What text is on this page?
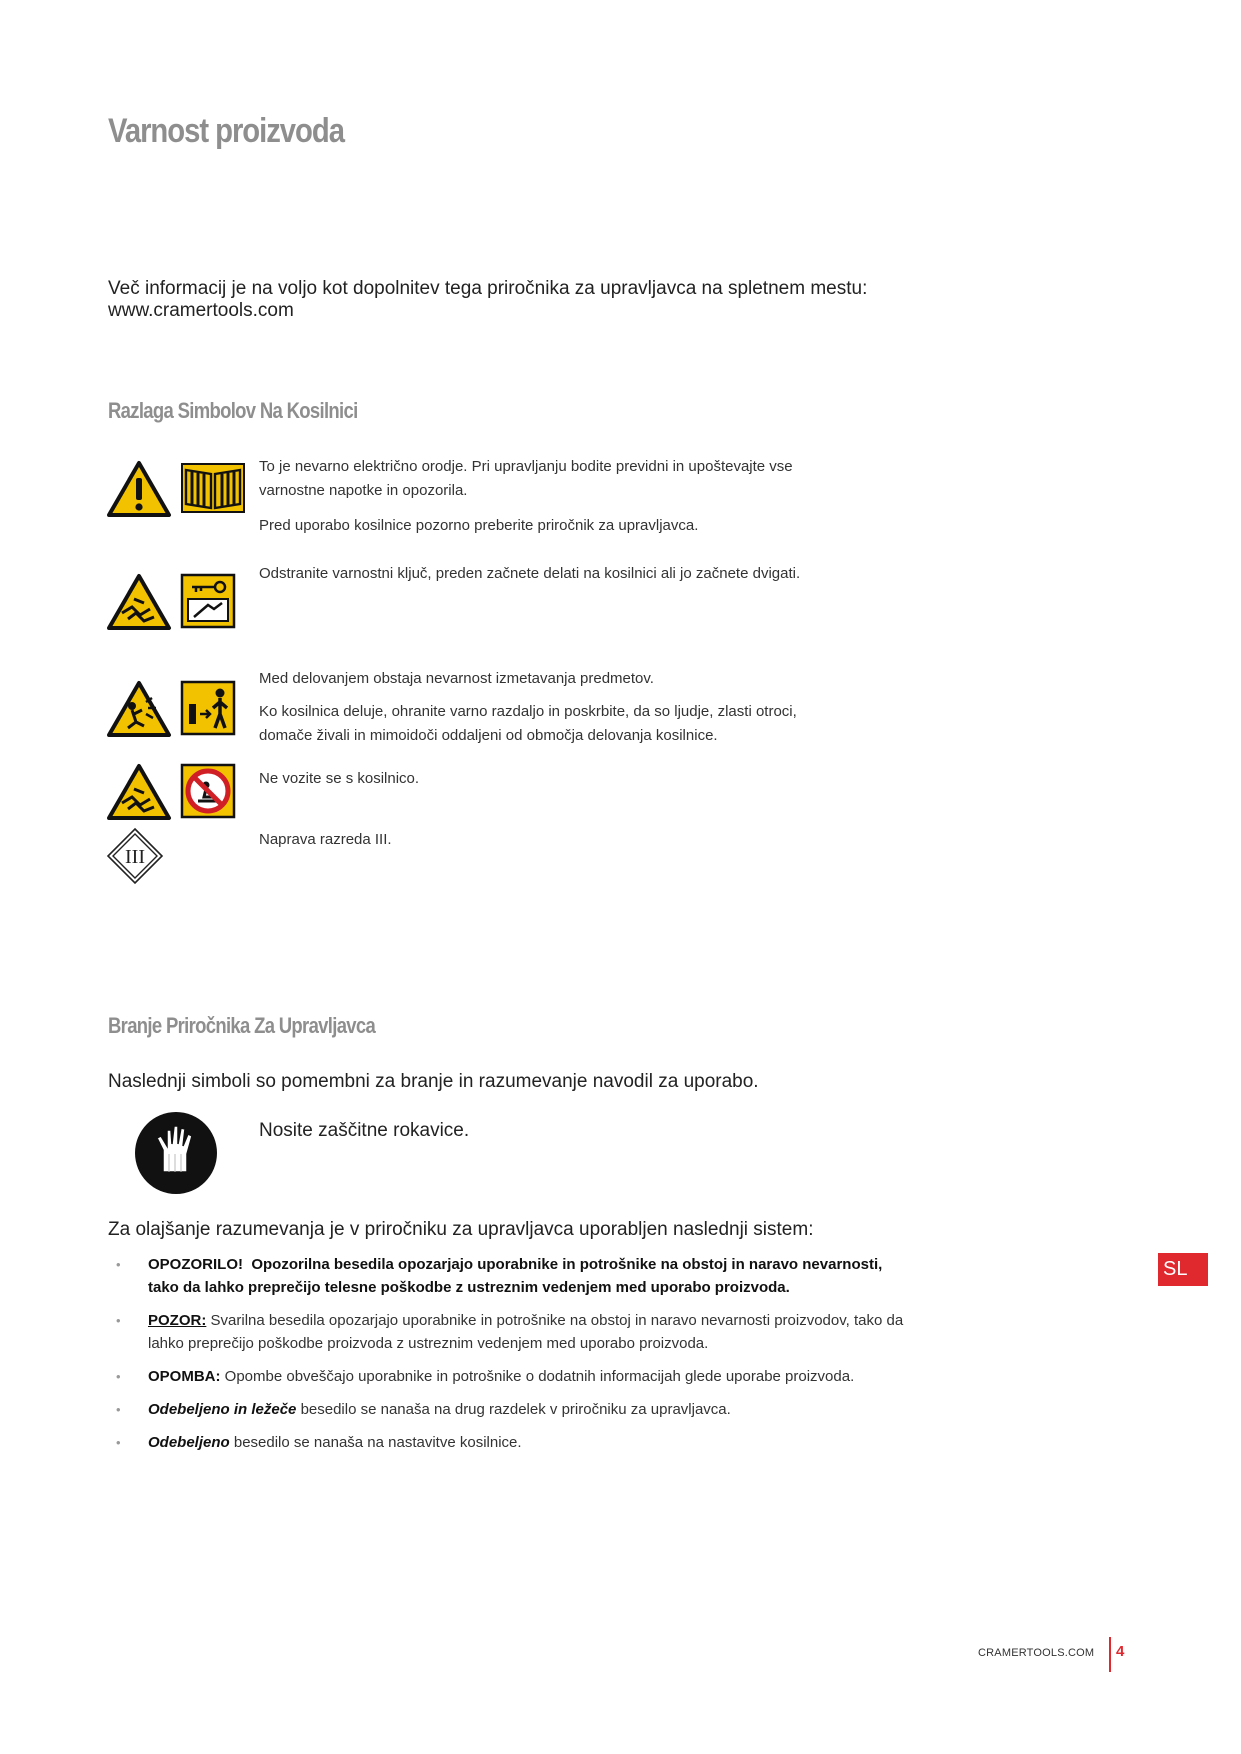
Varnost proizvoda

Več informacij je na voljo kot dopolnitev tega priročnika za upravljavca na spletnem mestu:
www.cramertools.com

Razlaga Simbolov Na Kosilnici

To je nevarno električno orodje. Pri upravljanju bodite previdni in upoštevajte vse varnostne napotke in opozorila.

Pred uporabo kosilnice pozorno preberite priročnik za upravljavca.

Odstranite varnostni ključ, preden začnete delati na kosilnici ali jo začnete dvigati.

Med delovanjem obstaja nevarnost izmetavanja predmetov.

Ko kosilnica deluje, ohranite varno razdaljo in poskrbite, da so ljudje, zlasti otroci, domače živali in mimoidoči oddaljeni od območja delovanja kosilnice.

Ne vozite se s kosilnico.

III

Naprava razreda III.

Branje Priročnika Za Upravljavca

Naslednji simboli so pomembni za branje in razumevanje navodil za uporabo.

Nosite zaščitne rokavice.

Za olajšanje razumevanja je v priročniku za upravljavca uporabljen naslednji sistem:

• OPOZORILO! Opozorilna besedila opozarjajo uporabnike in potrošnike na obstoj in naravo nevarnosti, tako da lahko preprečijo telesne poškodbe z ustreznim vedenjem med uporabo proizvoda.
• POZOR: Svarilna besedila opozarjajo uporabnike in potrošnike na obstoj in naravo nevarnosti proizvodov, tako da lahko preprečijo poškodbe proizvoda z ustreznim vedenjem med uporabo proizvoda.
• OPOMBA: Opombe obveščajo uporabnike in potrošnike o dodatnih informacijah glede uporabe proizvoda.
• Odebeljeno in ležeče besedilo se nanaša na drug razdelek v priročniku za upravljavca.
• Odebeljeno besedilo se nanaša na nastavitve kosilnice.
SL
CRAMERTOOLS.COM 4
